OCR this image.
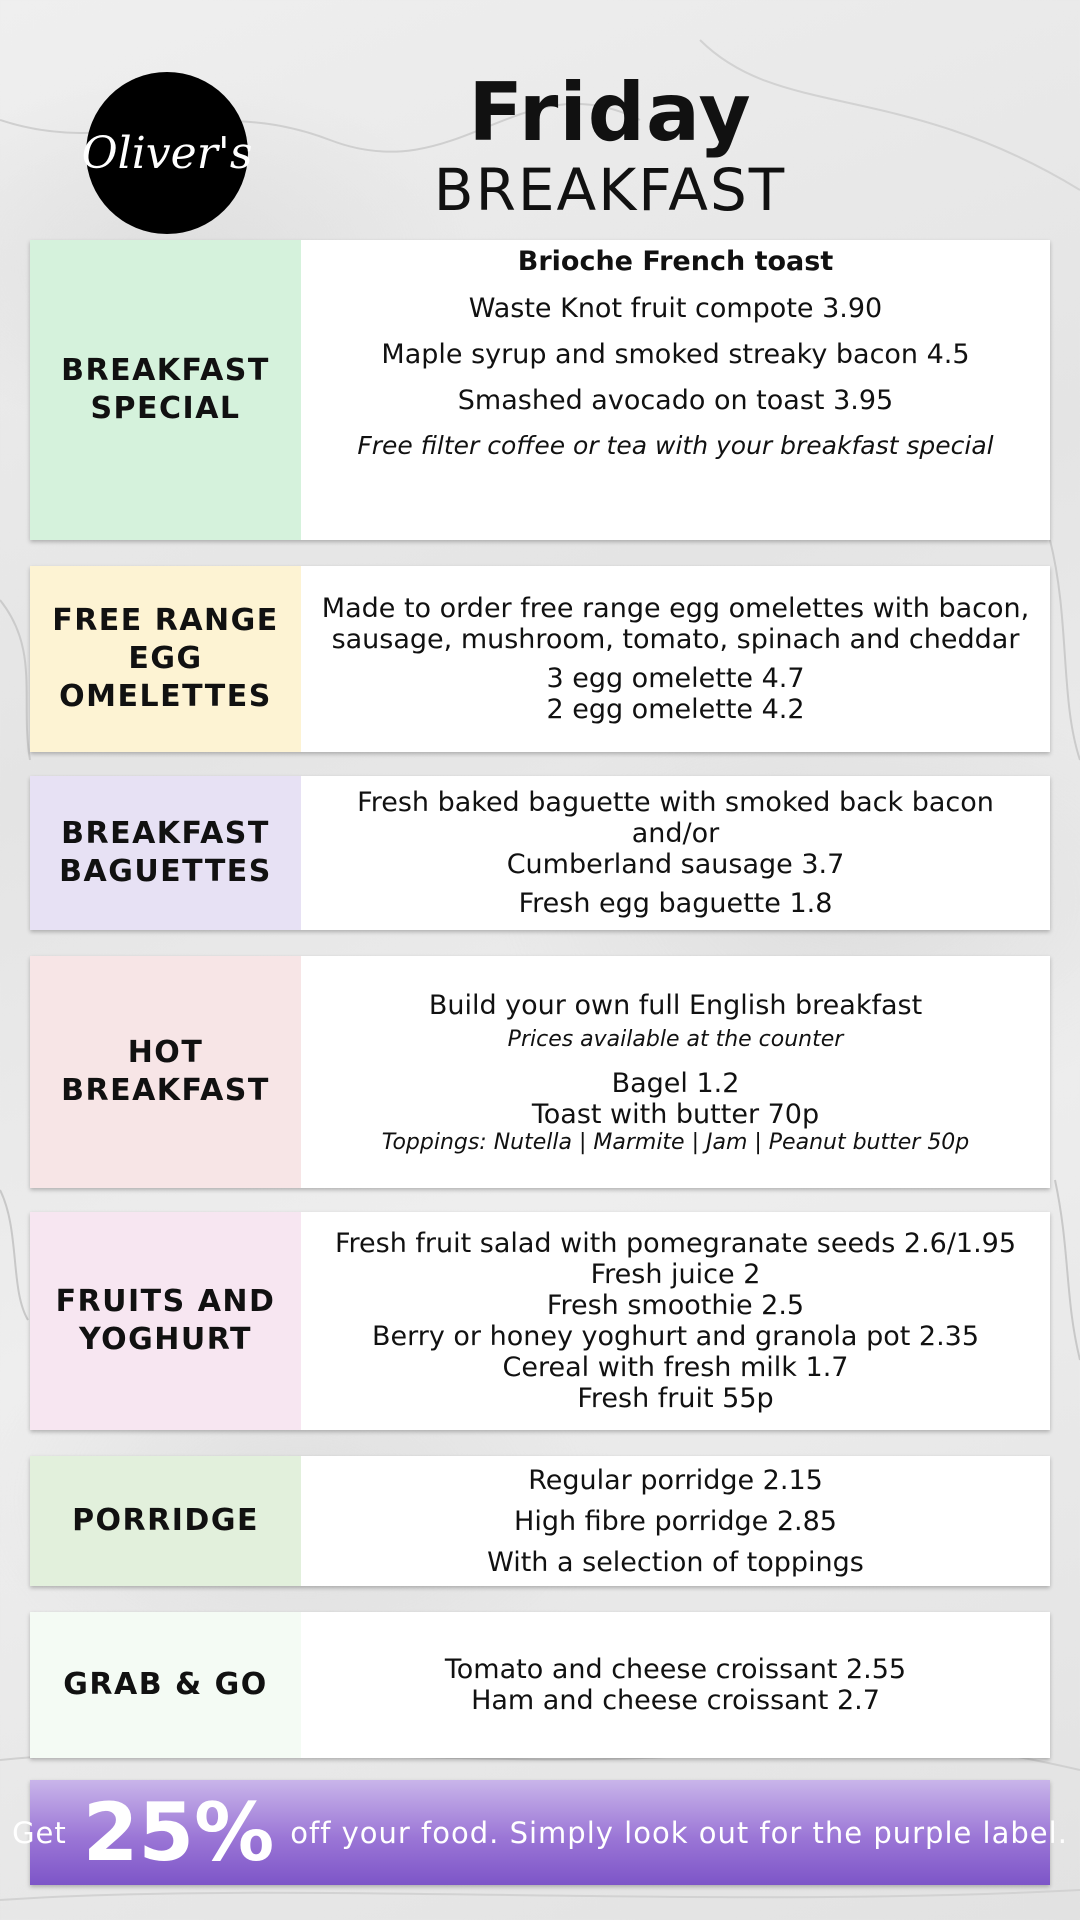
Oliver's	Friday
BREAKFAST
BREAKFAST
SPECIAL
Brioche French toast
Waste Knot fruit compote 3.90
Maple syrup and smoked streaky bacon 4.5
Smashed avocado on toast 3.95
Free filter coffee or tea with your breakfast special
FREE RANGE
EGG
OMELETTES
Made to order free range egg omelettes with bacon,
sausage, mushroom, tomato, spinach and cheddar
3 egg omelette 4.7
2 egg omelette 4.2
BREAKFAST
BAGUETTES
Fresh baked baguette with smoked back bacon and/or
Cumberland sausage 3.7
Fresh egg baguette 1.8
HOT
BREAKFAST
Build your own full English breakfast
Prices available at the counter
Bagel 1.2
Toast with butter 70p
Toppings: Nutella | Marmite | Jam | Peanut butter 50p
FRUITS AND
YOGHURT
Fresh fruit salad with pomegranate seeds 2.6/1.95
Fresh juice 2
Fresh smoothie 2.5
Berry or honey yoghurt and granola pot 2.35
Cereal with fresh milk 1.7
Fresh fruit 55p
PORRIDGE
Regular porridge 2.15
High fibre porridge 2.85
With a selection of toppings
GRAB & GO	Tomato and cheese croissant 2.55
Ham and cheese croissant 2.7
Get 25% off your food. Simply look out for the purple label.
